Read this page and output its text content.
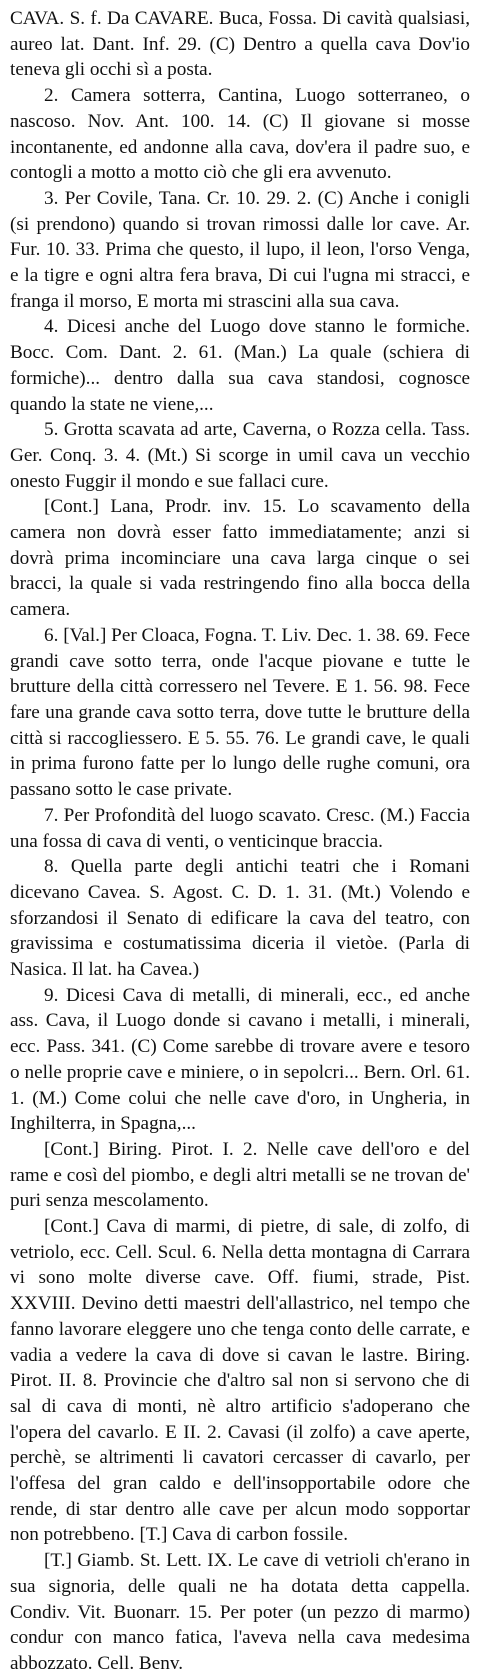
CAVA. S. f. Da CAVARE. Buca, Fossa. Di cavità qualsiasi, aureo lat. Dant. Inf. 29. (C) Dentro a quella cava Dov'io teneva gli occhi sì a posta.

2. Camera sotterra, Cantina, Luogo sotterraneo, o nascoso. Nov. Ant. 100. 14. (C) Il giovane si mosse incontanente, ed andonne alla cava, dov'era il padre suo, e contogli a motto a motto ciò che gli era avvenuto.

3. Per Covile, Tana. Cr. 10. 29. 2. (C) Anche i conigli (si prendono) quando si trovan rimossi dalle lor cave. Ar. Fur. 10. 33. Prima che questo, il lupo, il leon, l'orso Venga, e la tigre e ogni altra fera brava, Di cui l'ugna mi stracci, e franga il morso, E morta mi strascini alla sua cava.

4. Dicesi anche del Luogo dove stanno le formiche. Bocc. Com. Dant. 2. 61. (Man.) La quale (schiera di formiche)... dentro dalla sua cava standosi, cognosce quando la state ne viene,...

5. Grotta scavata ad arte, Caverna, o Rozza cella. Tass. Ger. Conq. 3. 4. (Mt.) Si scorge in umil cava un vecchio onesto Fuggir il mondo e sue fallaci cure.

[Cont.] Lana, Prodr. inv. 15. Lo scavamento della camera non dovrà esser fatto immediatamente; anzi si dovrà prima incominciare una cava larga cinque o sei bracci, la quale si vada restringendo fino alla bocca della camera.

6. [Val.] Per Cloaca, Fogna. T. Liv. Dec. 1. 38. 69. Fece grandi cave sotto terra, onde l'acque piovane e tutte le brutture della città corressero nel Tevere. E 1. 56. 98. Fece fare una grande cava sotto terra, dove tutte le brutture della città si raccogliessero. E 5. 55. 76. Le grandi cave, le quali in prima furono fatte per lo lungo delle rughe comuni, ora passano sotto le case private.

7. Per Profondità del luogo scavato. Cresc. (M.) Faccia una fossa di cava di venti, o venticinque braccia.

8. Quella parte degli antichi teatri che i Romani dicevano Cavea. S. Agost. C. D. 1. 31. (Mt.) Volendo e sforzandosi il Senato di edificare la cava del teatro, con gravissima e costumatissima diceria il vietòe. (Parla di Nasica. Il lat. ha Cavea.)

9. Dicesi Cava di metalli, di minerali, ecc., ed anche ass. Cava, il Luogo donde si cavano i metalli, i minerali, ecc. Pass. 341. (C) Come sarebbe di trovare avere e tesoro o nelle proprie cave e miniere, o in sepolcri... Bern. Orl. 61. 1. (M.) Come colui che nelle cave d'oro, in Ungheria, in Inghilterra, in Spagna,...

[Cont.] Biring. Pirot. I. 2. Nelle cave dell'oro e del rame e così del piombo, e degli altri metalli se ne trovan de' puri senza mescolamento.

[Cont.] Cava di marmi, di pietre, di sale, di zolfo, di vetriolo, ecc. Cell. Scul. 6. Nella detta montagna di Carrara vi sono molte diverse cave. Off. fiumi, strade, Pist. XXVIII. Devino detti maestri dell'allastrico, nel tempo che fanno lavorare eleggere uno che tenga conto delle carrate, e vadia a vedere la cava di dove si cavan le lastre. Biring. Pirot. II. 8. Provincie che d'altro sal non si servono che di sal di cava di monti, nè altro artificio s'adoperano che l'opera del cavarlo. E II. 2. Cavasi (il zolfo) a cave aperte, perchè, se altrimenti li cavatori cercasser di cavarlo, per l'offesa del gran caldo e dell'insopportabile odore che rende, di star dentro alle cave per alcun modo sopportar non potrebbeno. [T.] Cava di carbon fossile.

[T.] Giamb. St. Lett. IX. Le cave di vetrioli ch'erano in sua signoria, delle quali ne ha dotata detta cappella. Condiv. Vit. Buonarr. 15. Per poter (un pezzo di marmo) condur con manco fatica, l'aveva nella cava medesima abbozzato. Cell. Benv.
